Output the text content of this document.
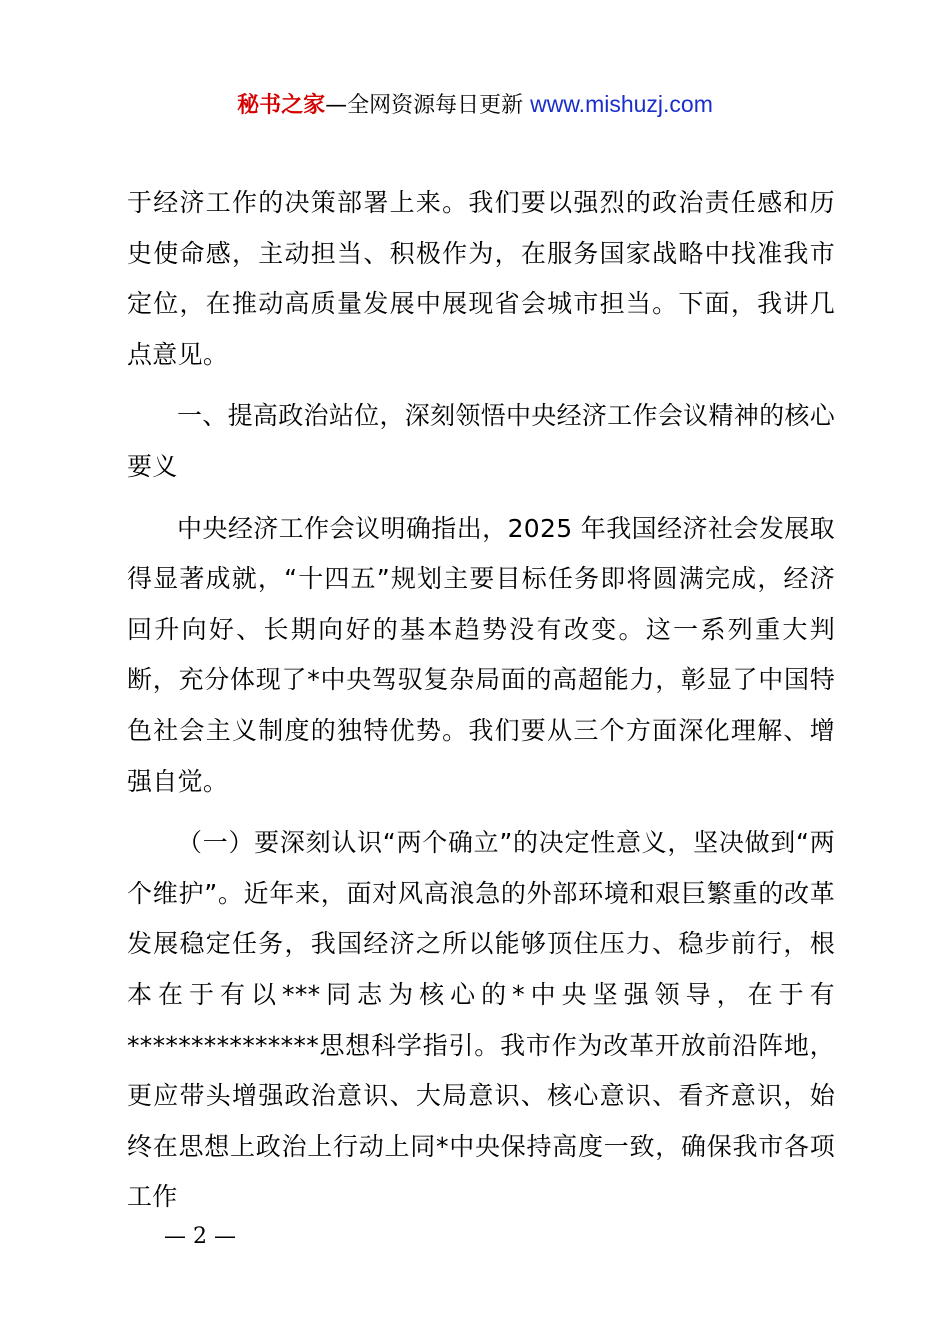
秘书之家—全网资源每日更新 www.mishuzj.com

于经济工作的决策部署上来。我们要以强烈的政治责任感和历史使命感，主动担当、积极作为，在服务国家战略中找准我市定位，在推动高质量发展中展现省会城市担当。下面，我讲几点意见。

一、提高政治站位，深刻领悟中央经济工作会议精神的核心要义

中央经济工作会议明确指出，2025 年我国经济社会发展取得显著成就，“十四五”规划主要目标任务即将圆满完成，经济回升向好、长期向好的基本趋势没有改变。这一系列重大判断，充分体现了*中央驾驭复杂局面的高超能力，彰显了中国特色社会主义制度的独特优势。我们要从三个方面深化理解、增强自觉。

（一）要深刻认识“两个确立”的决定性意义，坚决做到“两个维护”。近年来，面对风高浪急的外部环境和艰巨繁重的改革发展稳定任务，我国经济之所以能够顶住压力、稳步前行，根本在于有以***同志为核心的*中央坚强领导，在于有***************思想科学指引。我市作为改革开放前沿阵地，更应带头增强政治意识、大局意识、核心意识、看齐意识，始终在思想上政治上行动上同*中央保持高度一致，确保我市各项工作

— 2 —
